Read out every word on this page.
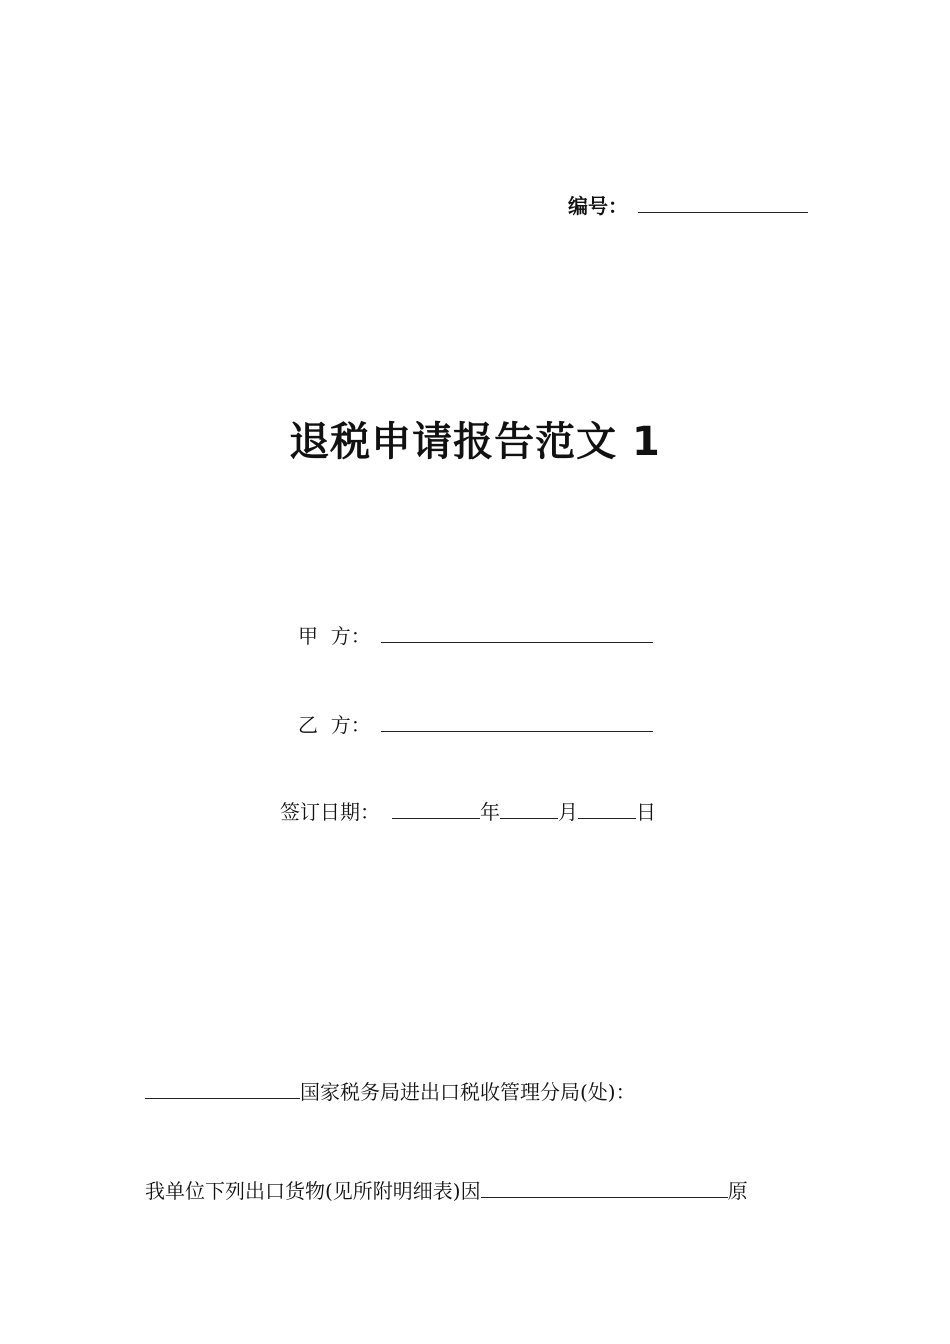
编号：
退税申请报告范文 1
甲  方：
乙  方：
签订日期：	年	月	日
国家税务局进出口税收管理分局(处)：
我单位下列出口货物(见所附明细表)因	原
